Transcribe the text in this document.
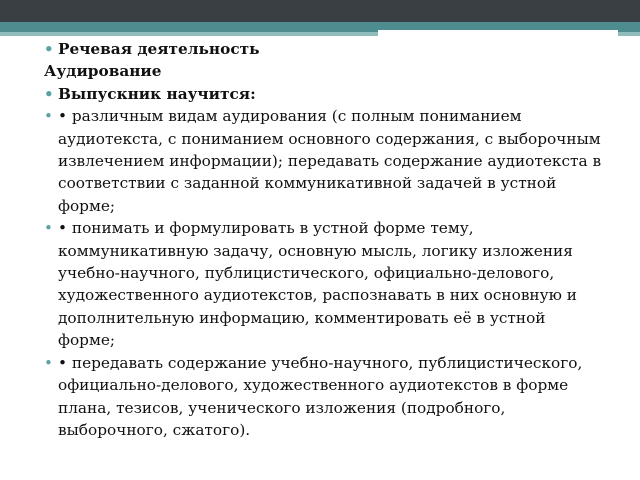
• Речевая деятельность
Аудирование
• Выпускник научится:
• • различным видам аудирования (с полным пониманием аудиотекста, с пониманием основного содержания, с выборочным извлечением информации); передавать содержание аудиотекста в соответствии с заданной коммуникативной задачей в устной форме;
• • понимать и формулировать в устной форме тему, коммуникативную задачу, основную мысль, логику изложения учебно-научного, публицистического, официально-делового, художественного аудиотекстов, распознавать в них основную и дополнительную информацию, комментировать её в устной форме;
• • передавать содержание учебно-научного, публицистического, официально-делового, художественного аудиотекстов в форме плана, тезисов, ученического изложения (подробного, выборочного, сжатого).
